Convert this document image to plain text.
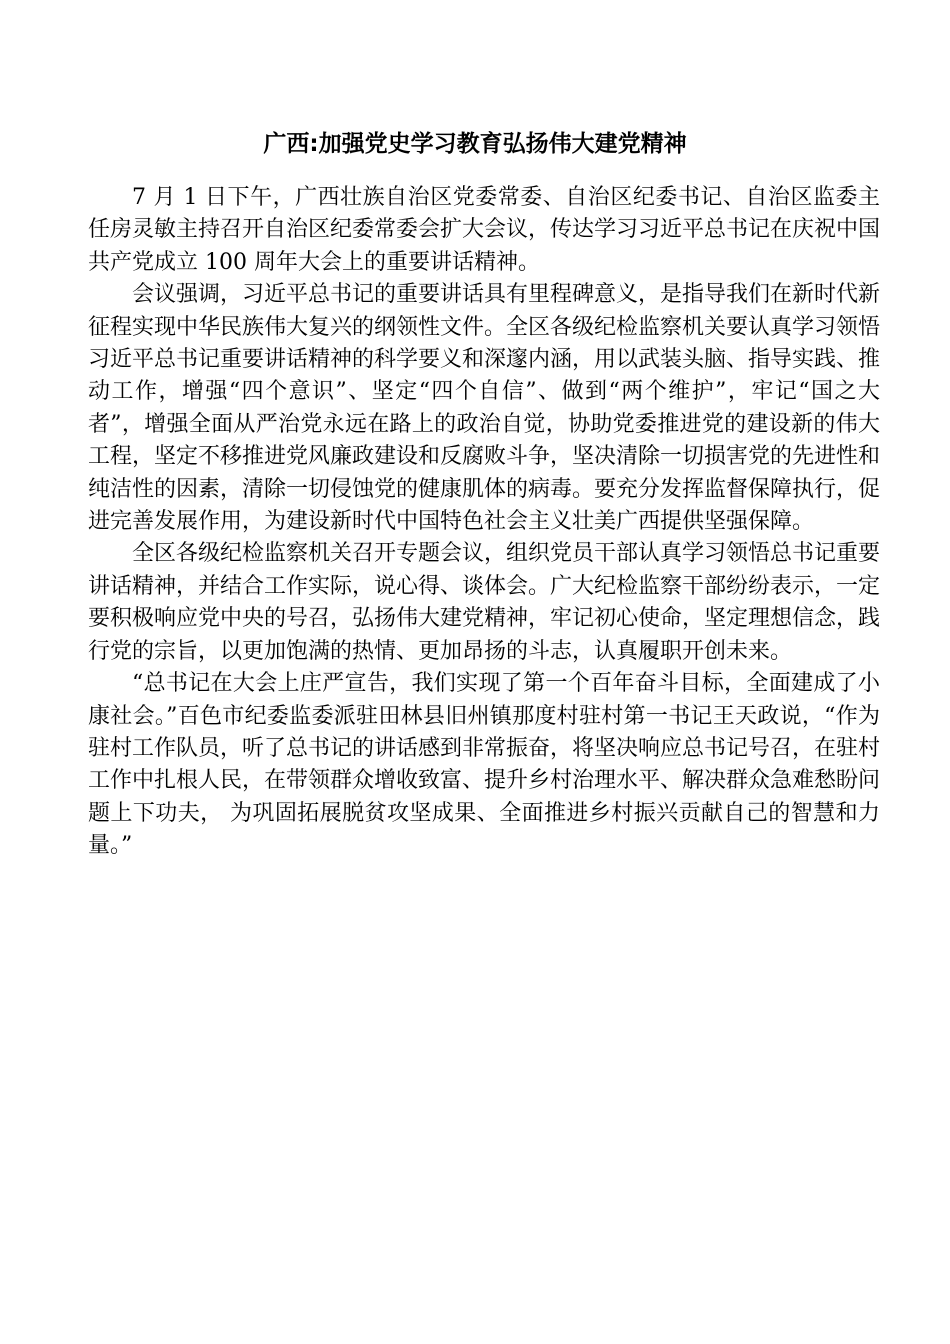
广西:加强党史学习教育弘扬伟大建党精神

7 月 1 日下午，广西壮族自治区党委常委、自治区纪委书记、自治区监委主任房灵敏主持召开自治区纪委常委会扩大会议，传达学习习近平总书记在庆祝中国共产党成立 100 周年大会上的重要讲话精神。

会议强调，习近平总书记的重要讲话具有里程碑意义，是指导我们在新时代新征程实现中华民族伟大复兴的纲领性文件。全区各级纪检监察机关要认真学习领悟习近平总书记重要讲话精神的科学要义和深邃内涵，用以武装头脑、指导实践、推动工作，增强“四个意识”、坚定“四个自信”、做到“两个维护”，牢记“国之大者”，增强全面从严治党永远在路上的政治自觉，协助党委推进党的建设新的伟大工程，坚定不移推进党风廉政建设和反腐败斗争，坚决清除一切损害党的先进性和纯洁性的因素，清除一切侵蚀党的健康肌体的病毒。要充分发挥监督保障执行，促进完善发展作用，为建设新时代中国特色社会主义壮美广西提供坚强保障。

全区各级纪检监察机关召开专题会议，组织党员干部认真学习领悟总书记重要讲话精神，并结合工作实际，说心得、谈体会。广大纪检监察干部纷纷表示，一定要积极响应党中央的号召，弘扬伟大建党精神，牢记初心使命，坚定理想信念，践行党的宗旨，以更加饱满的热情、更加昂扬的斗志，认真履职开创未来。

“总书记在大会上庄严宣告，我们实现了第一个百年奋斗目标，全面建成了小康社会。”百色市纪委监委派驻田林县旧州镇那度村驻村第一书记王天政说，“作为驻村工作队员，听了总书记的讲话感到非常振奋，将坚决响应总书记号召，在驻村工作中扎根人民，在带领群众增收致富、提升乡村治理水平、解决群众急难愁盼问题上下功夫， 为巩固拓展脱贫攻坚成果、全面推进乡村振兴贡献自己的智慧和力量。”
